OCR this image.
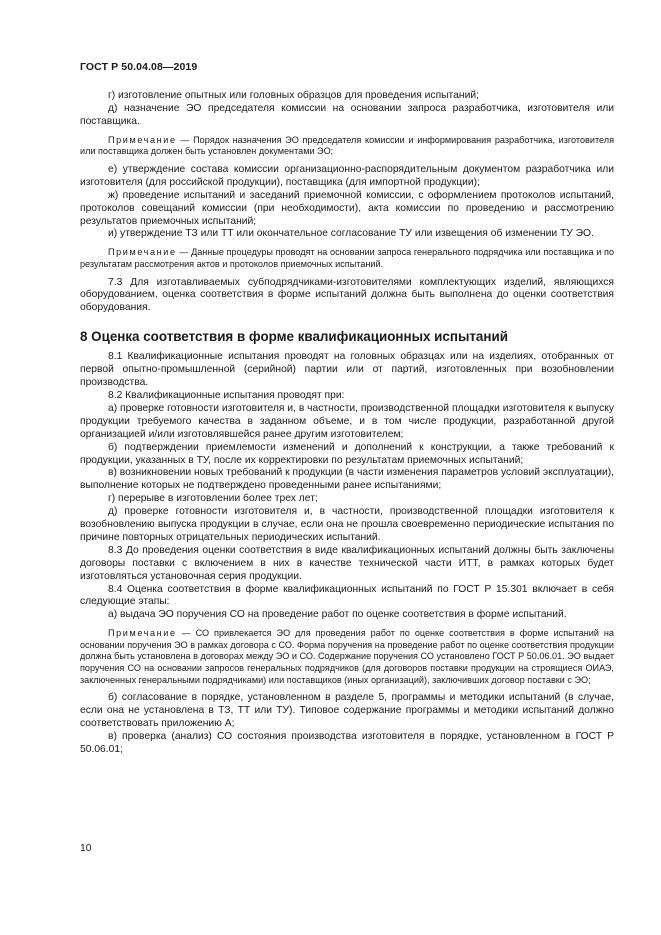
ГОСТ Р 50.04.08—2019

г) изготовление опытных или головных образцов для проведения испытаний;

д) назначение ЭО председателя комиссии на основании запроса разработчика, изготовителя или поставщика.

Примечание — Порядок назначения ЭО председателя комиссии и информирования разработчика, изготовителя или поставщика должен быть установлен документами ЭО;

е) утверждение состава комиссии организационно-распорядительным документом разработчика или изготовителя (для российской продукции), поставщика (для импортной продукции);

ж) проведение испытаний и заседаний приемочной комиссии, с оформлением протоколов испытаний, протоколов совещаний комиссии (при необходимости), акта комиссии по проведению и рассмотрению результатов приемочных испытаний;

и) утверждение ТЗ или ТТ или окончательное согласование ТУ или извещения об изменении ТУ ЭО.

Примечание — Данные процедуры проводят на основании запроса генерального подрядчика или поставщика и по результатам рассмотрения актов и протоколов приемочных испытаний.

7.3 Для изготавливаемых субподрядчиками-изготовителями комплектующих изделий, являющихся оборудованием, оценка соответствия в форме испытаний должна быть выполнена до оценки соответствия оборудования.

8 Оценка соответствия в форме квалификационных испытаний

8.1 Квалификационные испытания проводят на головных образцах или на изделиях, отобранных от первой опытно-промышленной (серийной) партии или от партий, изготовленных при возобновлении производства.

8.2 Квалификационные испытания проводят при:

а) проверке готовности изготовителя и, в частности, производственной площадки изготовителя к выпуску продукции требуемого качества в заданном объеме, и в том числе продукции, разработанной другой организацией и/или изготовлявшейся ранее другим изготовителем;

б) подтверждении приемлемости изменений и дополнений к конструкции, а также требований к продукции, указанных в ТУ, после их корректировки по результатам приемочных испытаний;

в) возникновении новых требований к продукции (в части изменения параметров условий эксплуатации), выполнение которых не подтверждено проведенными ранее испытаниями;

г) перерыве в изготовлении более трех лет;

д) проверке готовности изготовителя и, в частности, производственной площадки изготовителя к возобновлению выпуска продукции в случае, если она не прошла своевременно периодические испытания по причине повторных отрицательных периодических испытаний.

8.3 До проведения оценки соответствия в виде квалификационных испытаний должны быть заключены договоры поставки с включением в них в качестве технической части ИТТ, в рамках которых будет изготовляться установочная серия продукции.

8.4 Оценка соответствия в форме квалификационных испытаний по ГОСТ Р 15.301 включает в себя следующие этапы:

а) выдача ЭО поручения СО на проведение работ по оценке соответствия в форме испытаний.

Примечание — СО привлекается ЭО для проведения работ по оценке соответствия в форме испытаний на основании поручения ЭО в рамках договора с СО. Форма поручения на проведение работ по оценке соответствия продукции должна быть установлена в договорах между ЭО и СО. Содержание поручения СО установлено ГОСТ Р 50.06.01. ЭО выдает поручения СО на основании запросов генеральных подрядчиков (для договоров поставки продукции на строящиеся ОИАЭ, заключенных генеральными подрядчиками) или поставщиков (иных организаций), заключивших договор поставки с ЭО;

б) согласование в порядке, установленном в разделе 5, программы и методики испытаний (в случае, если она не установлена в ТЗ, ТТ или ТУ). Типовое содержание программы и методики испытаний должно соответствовать приложению А;

в) проверка (анализ) СО состояния производства изготовителя в порядке, установленном в ГОСТ Р 50.06.01;

10
